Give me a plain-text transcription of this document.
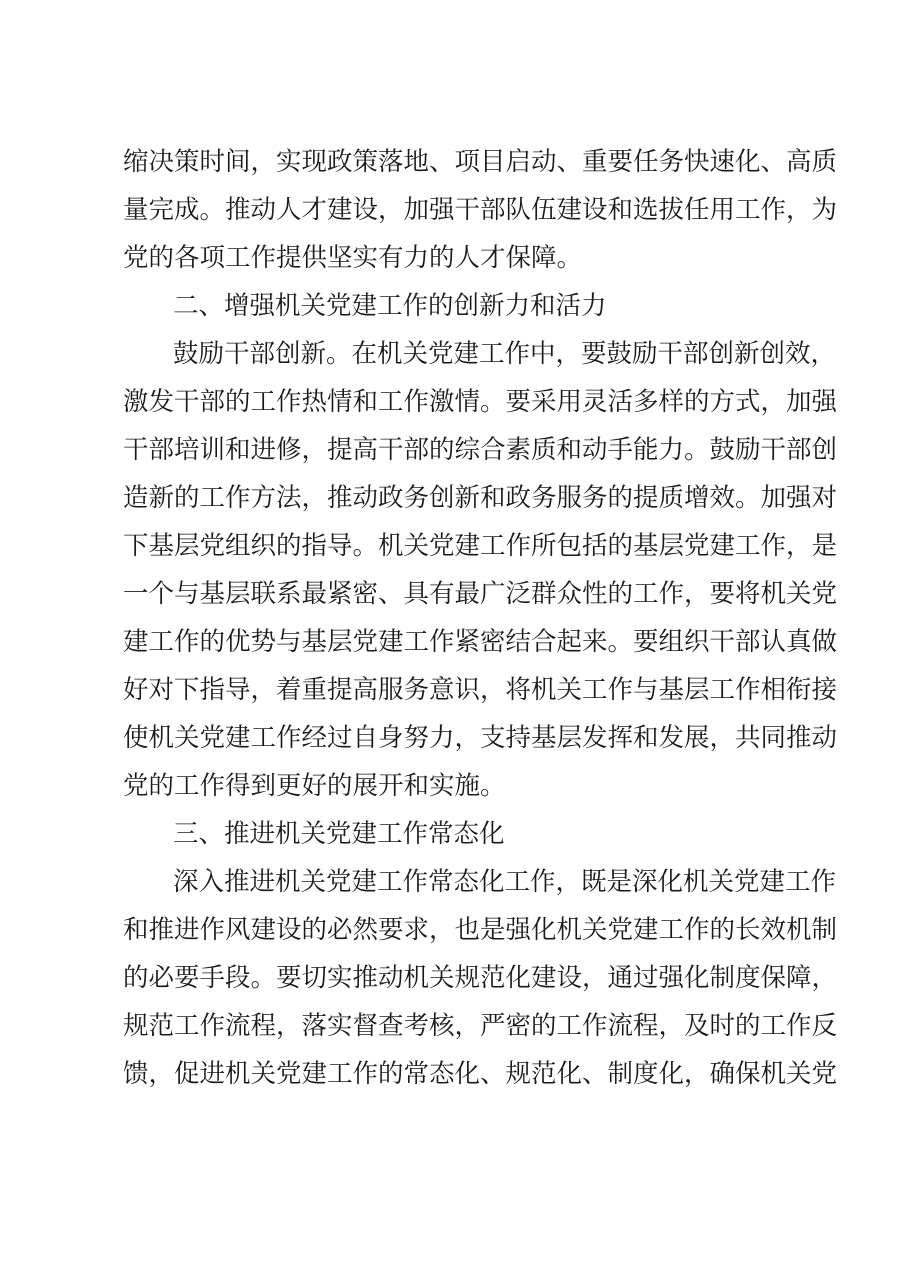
缩决策时间，实现政策落地、项目启动、重要任务快速化、高质
量完成。推动人才建设，加强干部队伍建设和选拔任用工作，为
党的各项工作提供坚实有力的人才保障。
二、增强机关党建工作的创新力和活力
鼓励干部创新。在机关党建工作中，要鼓励干部创新创效，
激发干部的工作热情和工作激情。要采用灵活多样的方式，加强
干部培训和进修，提高干部的综合素质和动手能力。鼓励干部创
造新的工作方法，推动政务创新和政务服务的提质增效。加强对
下基层党组织的指导。机关党建工作所包括的基层党建工作，是
一个与基层联系最紧密、具有最广泛群众性的工作，要将机关党
建工作的优势与基层党建工作紧密结合起来。要组织干部认真做
好对下指导，着重提高服务意识，将机关工作与基层工作相衔接
使机关党建工作经过自身努力，支持基层发挥和发展，共同推动
党的工作得到更好的展开和实施。
三、推进机关党建工作常态化
深入推进机关党建工作常态化工作，既是深化机关党建工作
和推进作风建设的必然要求，也是强化机关党建工作的长效机制
的必要手段。要切实推动机关规范化建设，通过强化制度保障，
规范工作流程，落实督查考核，严密的工作流程，及时的工作反
馈，促进机关党建工作的常态化、规范化、制度化，确保机关党
